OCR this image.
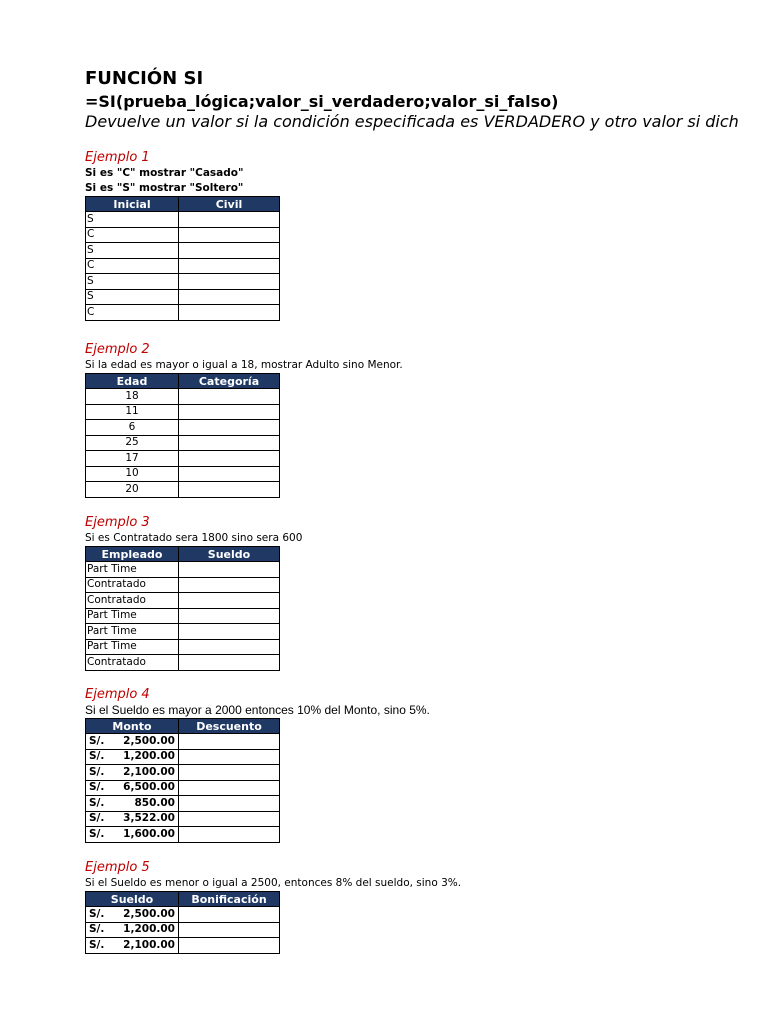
FUNCIÓN SI
=SI(prueba_lógica;valor_si_verdadero;valor_si_falso)
Devuelve un valor si la condición especificada es VERDADERO y otro valor si dich
Ejemplo 1
Si es "C" mostrar "Casado"
Si es "S" mostrar "Soltero"
Inicial	Civil
S	
C	
S	
C	
S	
S	
C	
Ejemplo 2
Si la edad es mayor o igual a 18, mostrar Adulto sino Menor.
Edad	Categoría
18	
11	
6	
25	
17	
10	
20	
Ejemplo 3
Si es Contratado sera 1800 sino sera 600
Empleado	Sueldo
Part Time	
Contratado	
Contratado	
Part Time	
Part Time	
Part Time	
Contratado	
Ejemplo 4
Si el Sueldo es mayor a 2000 entonces 10% del Monto, sino 5%.
Monto	Descuento
S/. 2,500.00	
S/. 1,200.00	
S/. 2,100.00	
S/. 6,500.00	
S/. 850.00	
S/. 3,522.00	
S/. 1,600.00	
Ejemplo 5
Si el Sueldo es menor o igual a 2500, entonces 8% del sueldo, sino 3%.
Sueldo	Bonificación
S/. 2,500.00	
S/. 1,200.00	
S/. 2,100.00	
